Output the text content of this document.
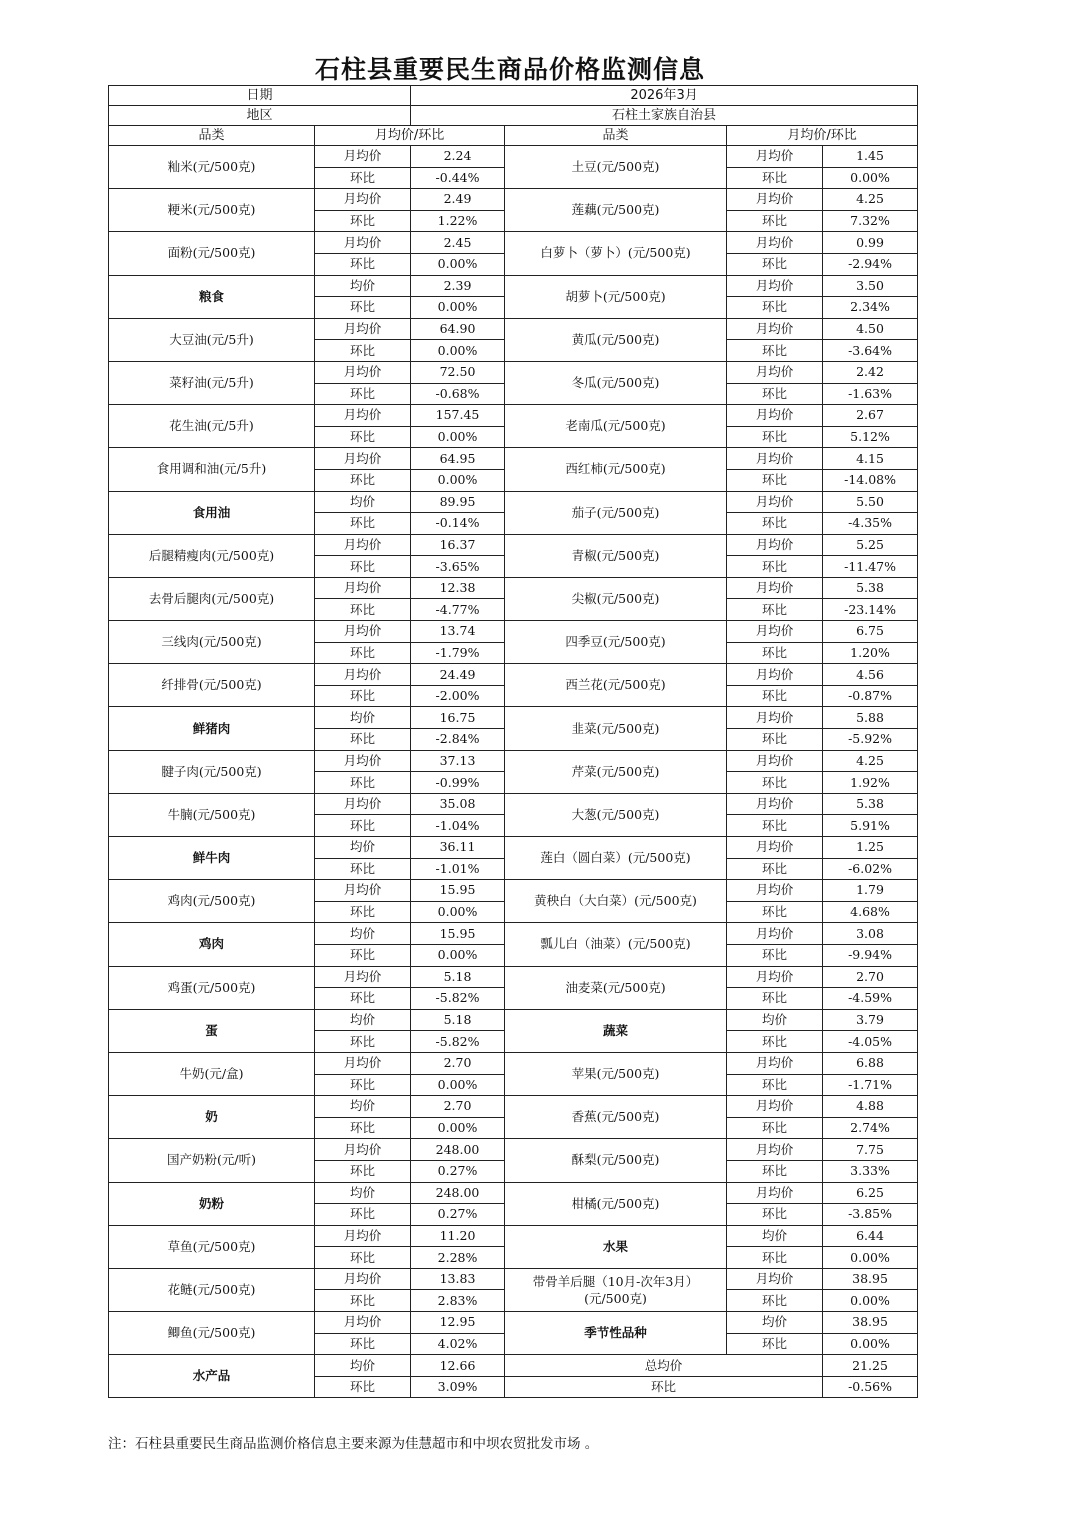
石柱县重要民生商品价格监测信息
日期		2026年3月			
地区		石柱土家族自治县			
品类	月均价/环比		品类	月均价/环比	
籼米(元/500克)	月均价	2.24	土豆(元/500克)	月均价	1.45
	环比	-0.44%		环比	0.00%
粳米(元/500克)	月均价	2.49	莲藕(元/500克)	月均价	4.25
	环比	1.22%		环比	7.32%
面粉(元/500克)	月均价	2.45	白萝卜（萝卜）(元/500克)	月均价	0.99
	环比	0.00%		环比	-2.94%
粮食	均价	2.39	胡萝卜(元/500克)	月均价	3.50
	环比	0.00%		环比	2.34%
大豆油(元/5升)	月均价	64.90	黄瓜(元/500克)	月均价	4.50
	环比	0.00%		环比	-3.64%
菜籽油(元/5升)	月均价	72.50	冬瓜(元/500克)	月均价	2.42
	环比	-0.68%		环比	-1.63%
花生油(元/5升)	月均价	157.45	老南瓜(元/500克)	月均价	2.67
	环比	0.00%		环比	5.12%
食用调和油(元/5升)	月均价	64.95	西红柿(元/500克)	月均价	4.15
	环比	0.00%		环比	-14.08%
食用油	均价	89.95	茄子(元/500克)	月均价	5.50
	环比	-0.14%		环比	-4.35%
后腿精瘦肉(元/500克)	月均价	16.37	青椒(元/500克)	月均价	5.25
	环比	-3.65%		环比	-11.47%
去骨后腿肉(元/500克)	月均价	12.38	尖椒(元/500克)	月均价	5.38
	环比	-4.77%		环比	-23.14%
三线肉(元/500克)	月均价	13.74	四季豆(元/500克)	月均价	6.75
	环比	-1.79%		环比	1.20%
纤排骨(元/500克)	月均价	24.49	西兰花(元/500克)	月均价	4.56
	环比	-2.00%		环比	-0.87%
鲜猪肉	均价	16.75	韭菜(元/500克)	月均价	5.88
	环比	-2.84%		环比	-5.92%
腱子肉(元/500克)	月均价	37.13	芹菜(元/500克)	月均价	4.25
	环比	-0.99%		环比	1.92%
牛腩(元/500克)	月均价	35.08	大葱(元/500克)	月均价	5.38
	环比	-1.04%		环比	5.91%
鲜牛肉	均价	36.11	莲白（圆白菜）(元/500克)	月均价	1.25
	环比	-1.01%		环比	-6.02%
鸡肉(元/500克)	月均价	15.95	黄秧白（大白菜）(元/500克)	月均价	1.79
	环比	0.00%		环比	4.68%
鸡肉	均价	15.95	瓢儿白（油菜）(元/500克)	月均价	3.08
	环比	0.00%		环比	-9.94%
鸡蛋(元/500克)	月均价	5.18	油麦菜(元/500克)	月均价	2.70
	环比	-5.82%		环比	-4.59%
蛋	均价	5.18	蔬菜	均价	3.79
	环比	-5.82%		环比	-4.05%
牛奶(元/盒)	月均价	2.70	苹果(元/500克)	月均价	6.88
	环比	0.00%		环比	-1.71%
奶	均价	2.70	香蕉(元/500克)	月均价	4.88
	环比	0.00%		环比	2.74%
国产奶粉(元/听)	月均价	248.00	酥梨(元/500克)	月均价	7.75
	环比	0.27%		环比	3.33%
奶粉	均价	248.00	柑橘(元/500克)	月均价	6.25
	环比	0.27%		环比	-3.85%
草鱼(元/500克)	月均价	11.20	水果	均价	6.44
	环比	2.28%		环比	0.00%
花鲢(元/500克)	月均价	13.83	带骨羊后腿（10月-次年3月）(元/500克)	月均价	38.95
	环比	2.83%		环比	0.00%
鲫鱼(元/500克)	月均价	12.95	季节性品种	均价	38.95
	环比	4.02%		环比	0.00%
水产品	均价	12.66	总均价		21.25
	环比	3.09%	环比		-0.56%
注：石柱县重要民生商品监测价格信息主要来源为佳慧超市和中坝农贸批发市场 。
